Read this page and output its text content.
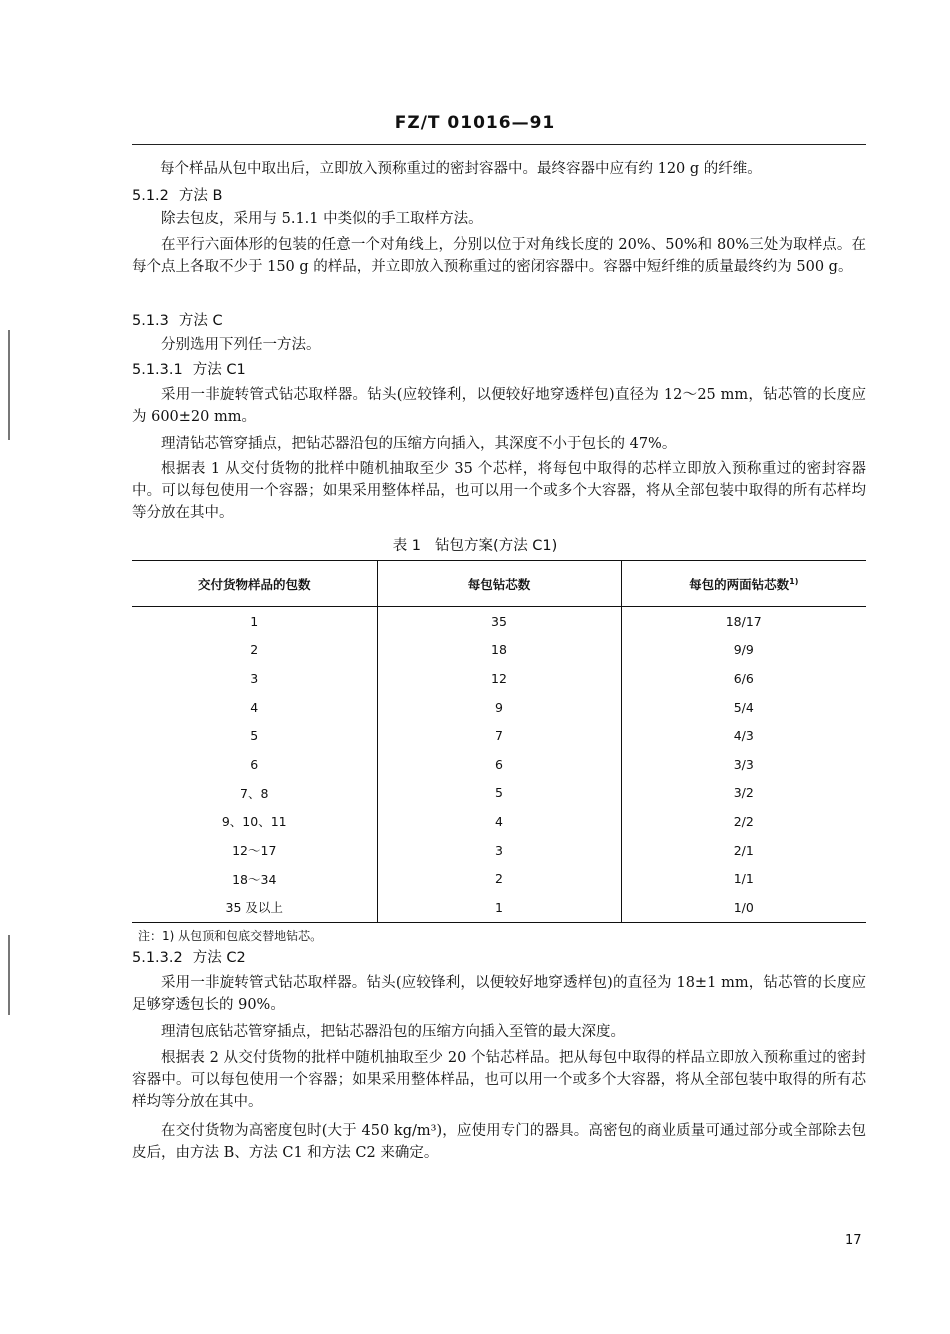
FZ/T 01016—91
每个样品从包中取出后，立即放入预称重过的密封容器中。最终容器中应有约 120 g 的纤维。
5.1.2 方法 B
除去包皮，采用与 5.1.1 中类似的手工取样方法。
在平行六面体形的包装的任意一个对角线上，分别以位于对角线长度的 20%、50%和 80%三处为取样点。在每个点上各取不少于 150 g 的样品，并立即放入预称重过的密闭容器中。容器中短纤维的质量最终约为 500 g。
5.1.3 方法 C
分别选用下列任一方法。
5.1.3.1 方法 C1
采用一非旋转管式钻芯取样器。钻头(应较锋利，以便较好地穿透样包)直径为 12～25 mm，钻芯管的长度应为 600±20 mm。
理清钻芯管穿插点，把钻芯器沿包的压缩方向插入，其深度不小于包长的 47%。
根据表 1 从交付货物的批样中随机抽取至少 35 个芯样，将每包中取得的芯样立即放入预称重过的密封容器中。可以每包使用一个容器；如果采用整体样品，也可以用一个或多个大容器，将从全部包装中取得的所有芯样均等分放在其中。
表 1 钻包方案(方法 C1)
交付货物样品的包数	每包钻芯数	每包的两面钻芯数$^{1)}$
1	35	18/17
2	18	9/9
3	12	6/6
4	9	5/4
5	7	4/3
6	6	3/3
7、8	5	3/2
9、10、11	4	2/2
12～17	3	2/1
18～34	2	1/1
35 及以上	1	1/0
注：1) 从包顶和包底交替地钻芯。
5.1.3.2 方法 C2
采用一非旋转管式钻芯取样器。钻头(应较锋利，以便较好地穿透样包)的直径为 18±1 mm，钻芯管的长度应足够穿透包长的 90%。
理清包底钻芯管穿插点，把钻芯器沿包的压缩方向插入至管的最大深度。
根据表 2 从交付货物的批样中随机抽取至少 20 个钻芯样品。把从每包中取得的样品立即放入预称重过的密封容器中。可以每包使用一个容器；如果采用整体样品，也可以用一个或多个大容器，将从全部包装中取得的所有芯样均等分放在其中。
在交付货物为高密度包时(大于 450 kg/m³)，应使用专门的器具。高密包的商业质量可通过部分或全部除去包皮后，由方法 B、方法 C1 和方法 C2 来确定。
17
